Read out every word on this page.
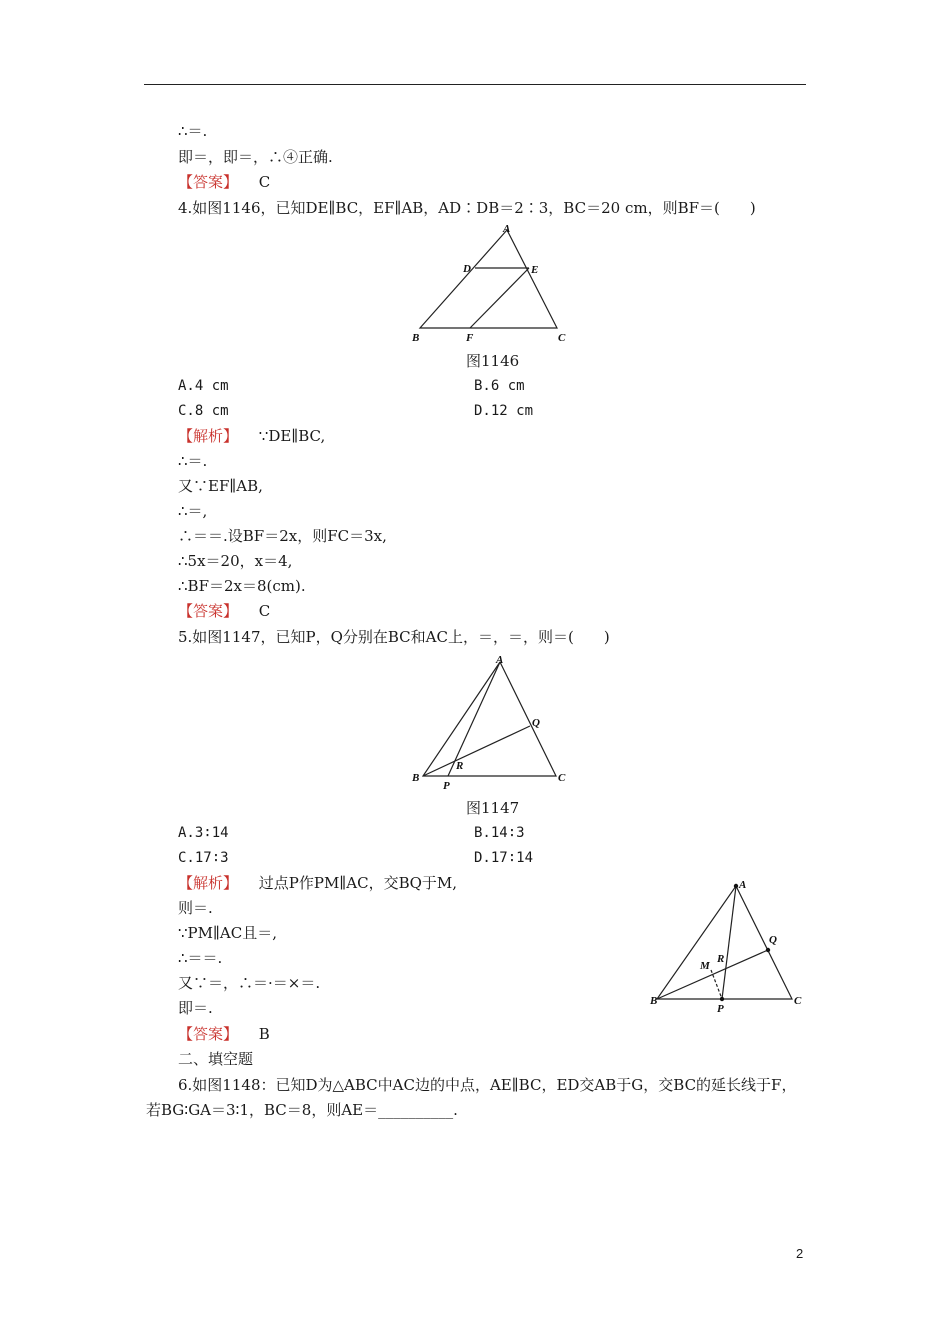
∴＝.
即＝，即＝，∴④正确.
【答案】 C
4.如图1146，已知DE∥BC，EF∥AB，AD∶DB＝2∶3，BC＝20 cm，则BF＝(　　)
A
B	C
D	E
F
图1146
A.4 cm	B.6 cm
C.8 cm	D.12 cm
【解析】 ∵DE∥BC,
∴＝.
又∵EF∥AB,
∴＝,
∴＝＝.设BF＝2x，则FC＝3x,
∴5x＝20，x＝4,
∴BF＝2x＝8(cm).
【答案】 C
5.如图1147，已知P，Q分别在BC和AC上，＝，＝，则＝(　　)
A
B	C
P
Q
R
图1147
A.3∶14	B.14∶3
C.17∶3	D.17∶14
【解析】 过点P作PM∥AC，交BQ于M,
则＝.
∵PM∥AC且＝,
∴＝＝.
又∵＝，∴＝·＝×＝.
即＝.
【答案】 B
A
B	C
P
Q
R
M
二、填空题
6.如图1148：已知D为△ABC中AC边的中点，AE∥BC，ED交AB于G，交BC的延长线于F，
若BG∶GA＝3∶1，BC＝8，则AE＝__________.
2
